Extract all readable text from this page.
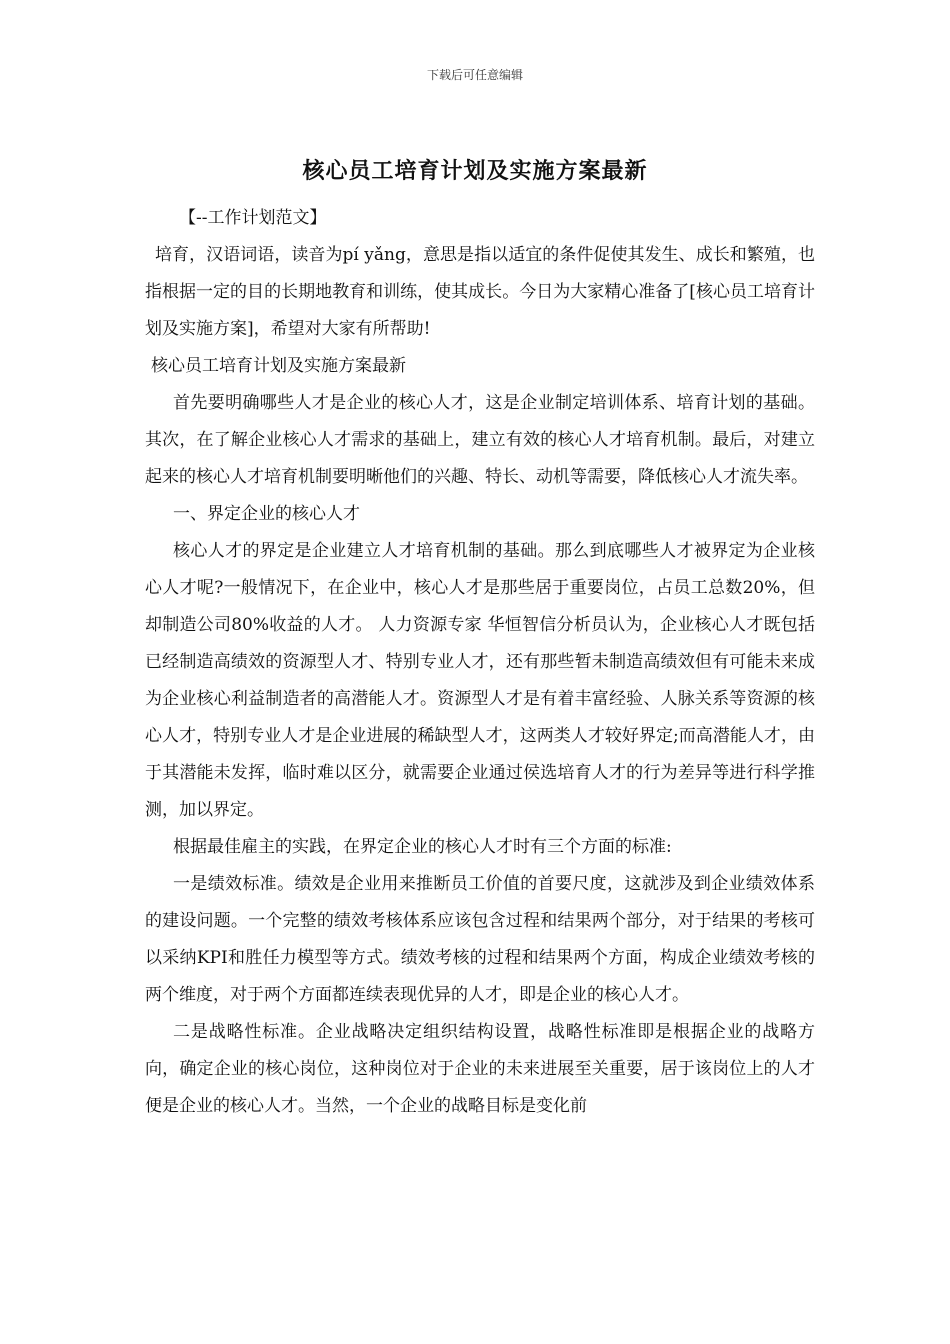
下载后可任意编辑
核心员工培育计划及实施方案最新

【--工作计划范文】

培育，汉语词语，读音为pí yǎng，意思是指以适宜的条件促使其发生、成长和繁殖，也指根据一定的目的长期地教育和训练，使其成长。今日为大家精心准备了[核心员工培育计划及实施方案]，希望对大家有所帮助!

核心员工培育计划及实施方案最新

首先要明确哪些人才是企业的核心人才，这是企业制定培训体系、培育计划的基础。 其次，在了解企业核心人才需求的基础上，建立有效的核心人才培育机制。最后，对建立起来的核心人才培育机制要明晰他们的兴趣、特长、动机等需要，降低核心人才流失率。

一、界定企业的核心人才

核心人才的界定是企业建立人才培育机制的基础。那么到底哪些人才被界定为企业核心人才呢?一般情况下，在企业中，核心人才是那些居于重要岗位，占员工总数20%，但却制造公司80%收益的人才。 人力资源专家 华恒智信分析员认为，企业核心人才既包括已经制造高绩效的资源型人才、特别专业人才，还有那些暂未制造高绩效但有可能未来成为企业核心利益制造者的高潜能人才。资源型人才是有着丰富经验、人脉关系等资源的核心人才，特别专业人才是企业进展的稀缺型人才，这两类人才较好界定;而高潜能人才，由于其潜能未发挥，临时难以区分，就需要企业通过侯选培育人才的行为差异等进行科学推测，加以界定。

根据最佳雇主的实践，在界定企业的核心人才时有三个方面的标准:

一是绩效标准。绩效是企业用来推断员工价值的首要尺度，这就涉及到企业绩效体系的建设问题。一个完整的绩效考核体系应该包含过程和结果两个部分，对于结果的考核可以采纳KPI和胜任力模型等方式。绩效考核的过程和结果两个方面，构成企业绩效考核的两个维度，对于两个方面都连续表现优异的人才，即是企业的核心人才。

二是战略性标准。企业战略决定组织结构设置，战略性标准即是根据企业的战略方向，确定企业的核心岗位，这种岗位对于企业的未来进展至关重要，居于该岗位上的人才便是企业的核心人才。当然，一个企业的战略目标是变化前
